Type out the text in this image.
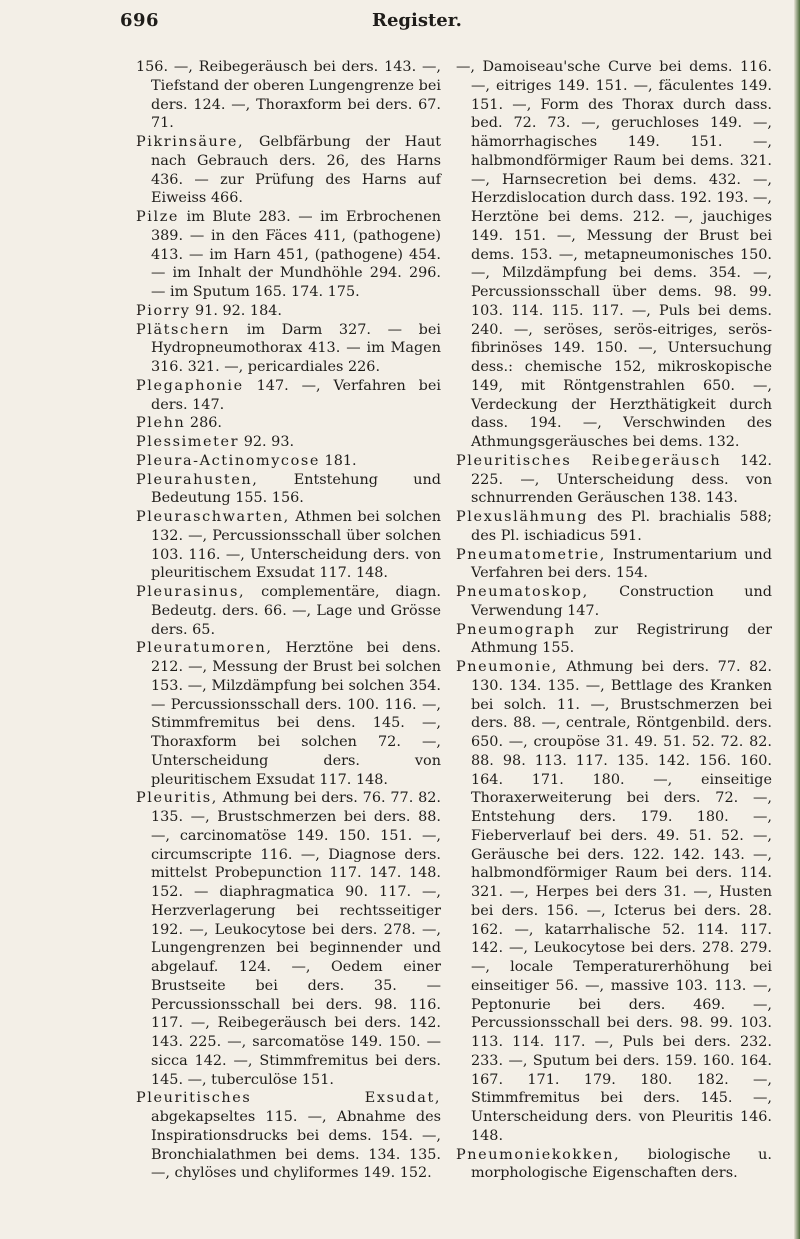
696	Register.

156. —, Reibegeräusch bei ders. 143. —, Tiefstand der oberen Lungengrenze bei ders. 124. —, Thoraxform bei ders. 67. 71.

Pikrinsäure, Gelbfärbung der Haut nach Gebrauch ders. 26, des Harns 436. — zur Prüfung des Harns auf Eiweiss 466.

Pilze im Blute 283. — im Erbrochenen 389. — in den Fäces 411, (pathogene) 413. — im Harn 451, (pathogene) 454. — im Inhalt der Mundhöhle 294. 296. — im Sputum 165. 174. 175.

Piorry 91. 92. 184.

Plätschern im Darm 327. — bei Hydropneumothorax 413. — im Magen 316. 321. —, pericardiales 226.

Plegaphonie 147. —, Verfahren bei ders. 147.

Plehn 286.

Plessimeter 92. 93.

Pleura-Actinomycose 181.

Pleurahusten, Entstehung und Bedeutung 155. 156.

Pleuraschwarten, Athmen bei solchen 132. —, Percussionsschall über solchen 103. 116. —, Unterscheidung ders. von pleuritischem Exsudat 117. 148.

Pleurasinus, complementäre, diagn. Bedeutg. ders. 66. —, Lage und Grösse ders. 65.

Pleuratumoren, Herztöne bei dens. 212. —, Messung der Brust bei solchen 153. —, Milzdämpfung bei solchen 354. — Percussionsschall ders. 100. 116. —, Stimmfremitus bei dens. 145. —, Thoraxform bei solchen 72. —, Unterscheidung ders. von pleuritischem Exsudat 117. 148.

Pleuritis, Athmung bei ders. 76. 77. 82. 135. —, Brustschmerzen bei ders. 88. —, carcinomatöse 149. 150. 151. —, circumscripte 116. —, Diagnose ders. mittelst Probepunction 117. 147. 148. 152. — diaphragmatica 90. 117. —, Herzverlagerung bei rechtsseitiger 192. —, Leukocytose bei ders. 278. —, Lungengrenzen bei beginnender und abgelauf. 124. —, Oedem einer Brustseite bei ders. 35. — Percussionsschall bei ders. 98. 116. 117. —, Reibegeräusch bei ders. 142. 143. 225. —, sarcomatöse 149. 150. — sicca 142. —, Stimmfremitus bei ders. 145. —, tuberculöse 151.

Pleuritisches Exsudat, abgekapseltes 115. —, Abnahme des Inspirationsdrucks bei dems. 154. —, Bronchialathmen bei dems. 134. 135. —, chylöses und chyliformes 149. 152.

—, Damoiseau'sche Curve bei dems. 116. —, eitriges 149. 151. —, fäculentes 149. 151. —, Form des Thorax durch dass. bed. 72. 73. —, geruchloses 149. —, hämorrhagisches 149. 151. —, halbmondförmiger Raum bei dems. 321. —, Harnsecretion bei dems. 432. —, Herzdislocation durch dass. 192. 193. —, Herztöne bei dems. 212. —, jauchiges 149. 151. —, Messung der Brust bei dems. 153. —, metapneumonisches 150. —, Milzdämpfung bei dems. 354. —, Percussionsschall über dems. 98. 99. 103. 114. 115. 117. —, Puls bei dems. 240. —, seröses, serös-eitriges, serös-fibrinöses 149. 150. —, Untersuchung dess.: chemische 152, mikroskopische 149, mit Röntgenstrahlen 650. —, Verdeckung der Herzthätigkeit durch dass. 194. —, Verschwinden des Athmungsgeräusches bei dems. 132.

Pleuritisches Reibegeräusch 142. 225. —, Unterscheidung dess. von schnurrenden Geräuschen 138. 143.

Plexuslähmung des Pl. brachialis 588; des Pl. ischiadicus 591.

Pneumatometrie, Instrumentarium und Verfahren bei ders. 154.

Pneumatoskop, Construction und Verwendung 147.

Pneumograph zur Registrirung der Athmung 155.

Pneumonie, Athmung bei ders. 77. 82. 130. 134. 135. —, Bettlage des Kranken bei solch. 11. —, Brustschmerzen bei ders. 88. —, centrale, Röntgenbild. ders. 650. —, croupöse 31. 49. 51. 52. 72. 82. 88. 98. 113. 117. 135. 142. 156. 160. 164. 171. 180. —, einseitige Thoraxerweiterung bei ders. 72. —, Entstehung ders. 179. 180. —, Fieberverlauf bei ders. 49. 51. 52. —, Geräusche bei ders. 122. 142. 143. —, halbmondförmiger Raum bei ders. 114. 321. —, Herpes bei ders 31. —, Husten bei ders. 156. —, Icterus bei ders. 28. 162. —, katarrhalische 52. 114. 117. 142. —, Leukocytose bei ders. 278. 279. —, locale Temperaturerhöhung bei einseitiger 56. —, massive 103. 113. —, Peptonurie bei ders. 469. —, Percussionsschall bei ders. 98. 99. 103. 113. 114. 117. —, Puls bei ders. 232. 233. —, Sputum bei ders. 159. 160. 164. 167. 171. 179. 180. 182. —, Stimmfremitus bei ders. 145. —, Unterscheidung ders. von Pleuritis 146. 148.

Pneumoniekokken, biologische u. morphologische Eigenschaften ders.
